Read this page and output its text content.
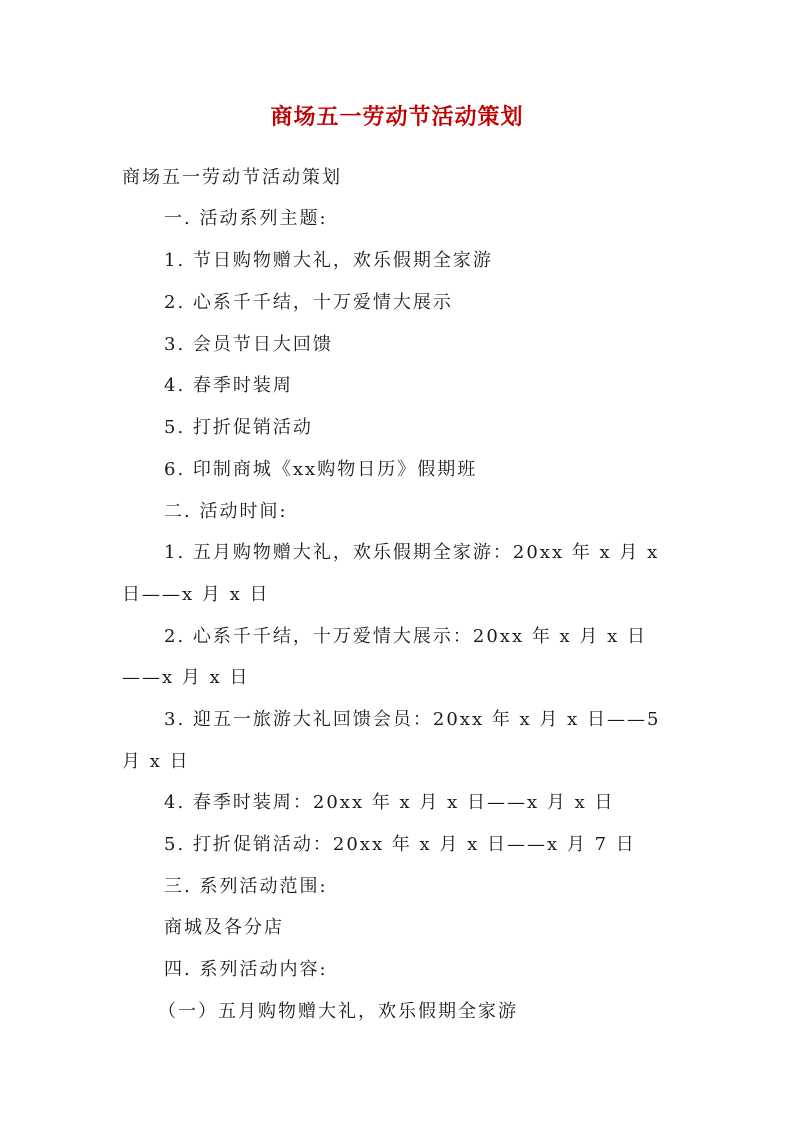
商场五一劳动节活动策划
商场五一劳动节活动策划
一. 活动系列主题:
1. 节日购物赠大礼，欢乐假期全家游
2. 心系千千结，十万爱情大展示
3. 会员节日大回馈
4. 春季时装周
5. 打折促销活动
6. 印制商城《xx购物日历》假期班
二. 活动时间:
1. 五月购物赠大礼，欢乐假期全家游：20xx 年 x 月 x
日——x 月 x 日
2. 心系千千结，十万爱情大展示：20xx 年 x 月 x 日
——x 月 x 日
3. 迎五一旅游大礼回馈会员：20xx 年 x 月 x 日——5
月 x 日
4. 春季时装周：20xx 年 x 月 x 日——x 月 x 日
5. 打折促销活动：20xx 年 x 月 x 日——x 月 7 日
三. 系列活动范围:
商城及各分店
四. 系列活动内容:
（一）五月购物赠大礼，欢乐假期全家游
